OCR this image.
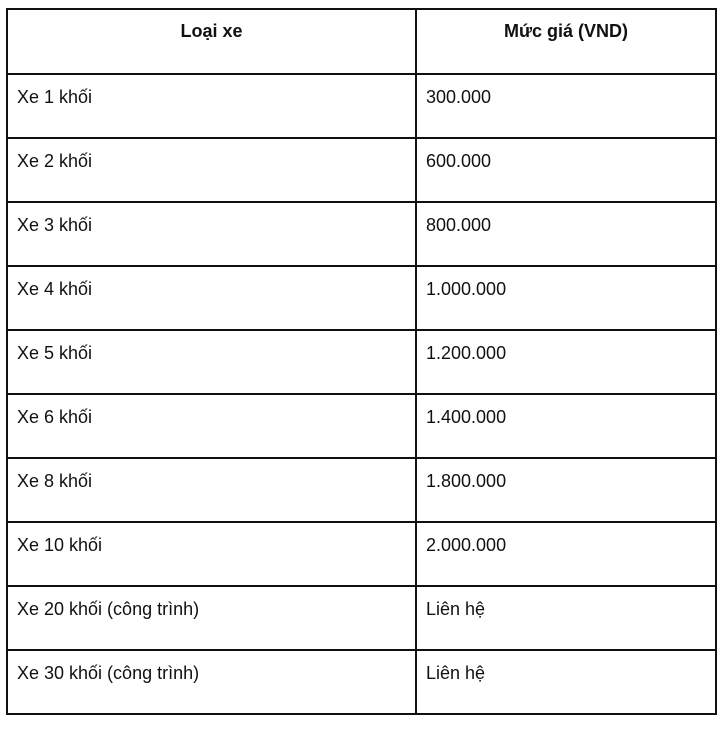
Loại xe	Mức giá (VND)
Xe 1 khối	300.000
Xe 2 khối	600.000
Xe 3 khối	800.000
Xe 4 khối	1.000.000
Xe 5 khối	1.200.000
Xe 6 khối	1.400.000
Xe 8 khối	1.800.000
Xe 10 khối	2.000.000
Xe 20 khối (công trình)	Liên hệ
Xe 30 khối (công trình)	Liên hệ
